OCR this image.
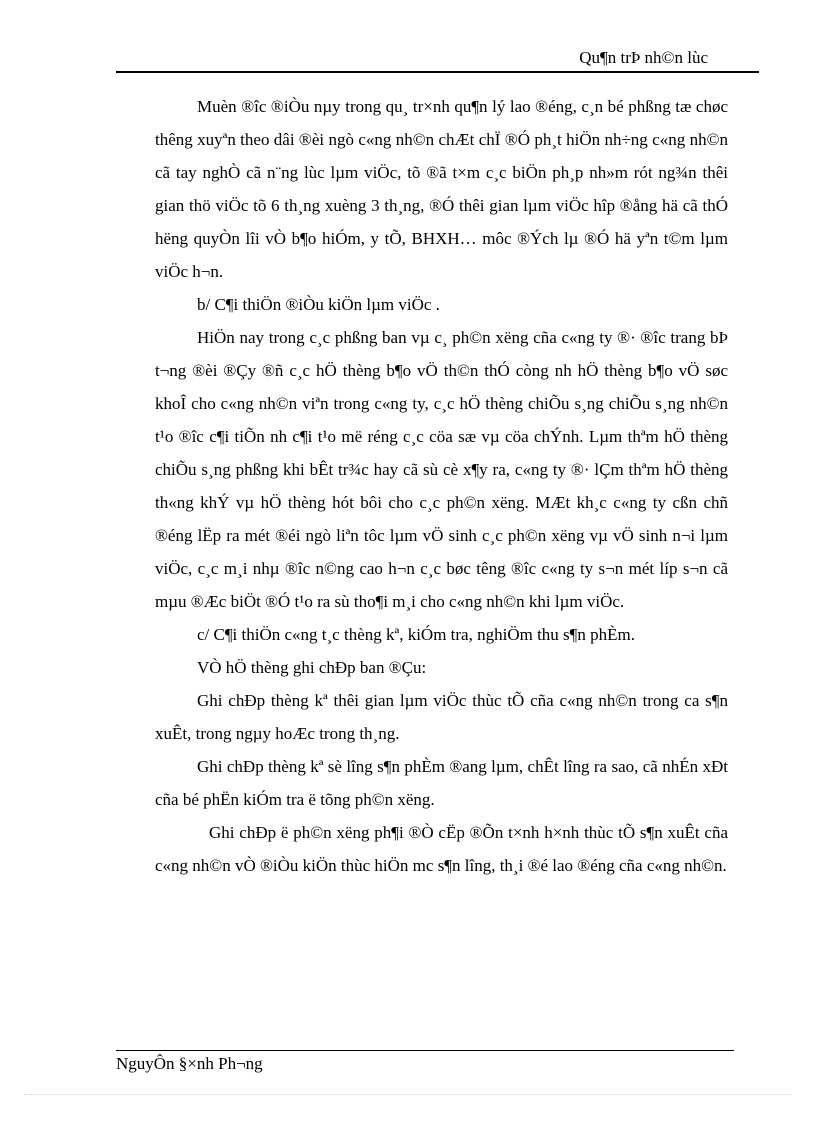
Qu¶n trÞ nh©n lùc

Muèn ®îc ®iÒu nµy trong qu¸ tr×nh qu¶n lý lao ®éng, c¸n bé phßng tæ chøc thêng xuyªn theo dâi ®èi ngò c«ng nh©n chÆt chÏ ®Ó ph¸t hiÖn nh÷ng c«ng nh©n cã tay nghÒ cã n¨ng lùc lµm viÖc, tõ ®ã t×m c¸c biÖn ph¸p nh»m rót ng¾n thêi gian thö viÖc tõ 6 th¸ng xuèng 3 th¸ng, ®Ó thêi gian lµm viÖc hîp ®ång hä cã thÓ hëng quyÒn lîi vÒ b¶o hiÓm, y tÕ, BHXH… môc ®Ých lµ ®Ó hä yªn t©m lµm viÖc h¬n.

b/ C¶i thiÖn ®iÒu kiÖn lµm viÖc .

HiÖn nay trong c¸c phßng ban vµ c¸ ph©n xëng cña c«ng ty ®· ®îc trang bÞ t¬ng ®èi ®Çy ®ñ c¸c hÖ thèng b¶o vÖ th©n thÓ còng nh hÖ thèng b¶o vÖ søc khoÎ cho c«ng nh©n viªn trong c«ng ty, c¸c hÖ thèng chiÕu s¸ng chiÕu s¸ng nh©n t¹o ®îc c¶i tiÕn nh c¶i t¹o më réng c¸c cöa sæ vµ cöa chÝnh. Lµm thªm hÖ thèng chiÕu s¸ng phßng khi bÊt tr¾c hay cã sù cè x¶y ra, c«ng ty ®· lÇm thªm hÖ thèng th«ng khÝ vµ hÖ thèng hót bôi cho c¸c ph©n xëng. MÆt kh¸c c«ng ty cßn chñ ®éng lËp ra mét ®éi ngò liªn tôc lµm vÖ sinh c¸c ph©n xëng vµ vÖ sinh n¬i lµm viÖc, c¸c m¸i nhµ ®îc n©ng cao h¬n c¸c bøc têng ®îc c«ng ty s¬n mét líp s¬n cã mµu ®Æc biÖt ®Ó t¹o ra sù tho¶i m¸i cho c«ng nh©n khi lµm viÖc.

c/ C¶i thiÖn c«ng t¸c thèng kª, kiÓm tra, nghiÖm thu s¶n phÈm.

VÒ hÖ thèng ghi chÐp ban ®Çu:

Ghi chÐp thèng kª thêi gian lµm viÖc thùc tÕ cña c«ng nh©n trong ca s¶n xuÊt, trong ngµy hoÆc trong th¸ng.

Ghi chÐp thèng kª sè lîng s¶n phÈm ®ang lµm, chÊt lîng ra sao, cã nhÉn xÐt cña bé phËn kiÓm tra ë tõng ph©n xëng.

Ghi chÐp ë ph©n xëng ph¶i ®Ò cËp ®Õn t×nh h×nh thùc tÕ s¶n xuÊt cña c«ng nh©n vÒ ®iÒu kiÖn thùc hiÖn mc s¶n lîng, th¸i ®é lao ®éng cña c«ng nh©n.

NguyÔn §×nh Ph¬ng
